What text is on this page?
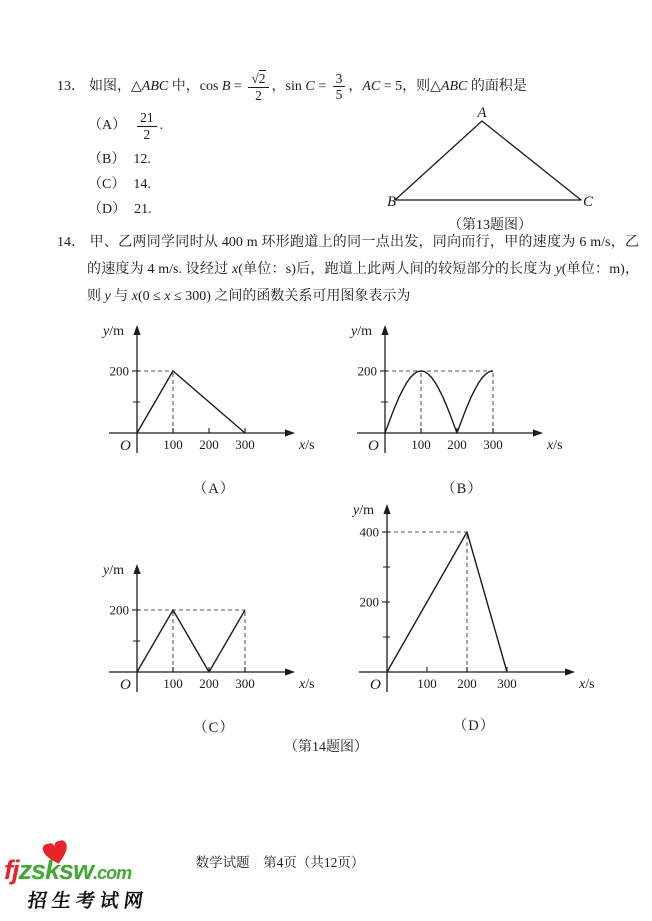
13． 如图，△ABC 中，$\cos B = \frac{√2}{2}$ ，$\sin C = \frac{3}{5}$ ，AC = 5，则△ABC 的面积是
$(A) \frac{21}{2}$ .
（B） 12.
（C） 14.
（D） 21.
A
B	C
（第13题图）
14． 甲、乙两同学同时从 400 m 环形跑道上的同一点出发，同向而行，甲的速度为 6 m/s，乙的速度为 4 m/s. 设经过 x(单位：s)后，跑道上此两人间的较短部分的长度为 y(单位：m)，则 y 与 x(0 ≤ x ≤ 300) 之间的函数关系可用图象表示为
100 200 300
200
y/m
x/s
O
（A）
100 200 300
200
y/m
x/s
O
（B）
100 200 300
200
y/m
x/s
O
（C）
100 200 300
200
400
y/m
x/s
O
（D）
（第14题图）
数学试题　第4页（共12页）
fjzsksw.com
招生考试网
